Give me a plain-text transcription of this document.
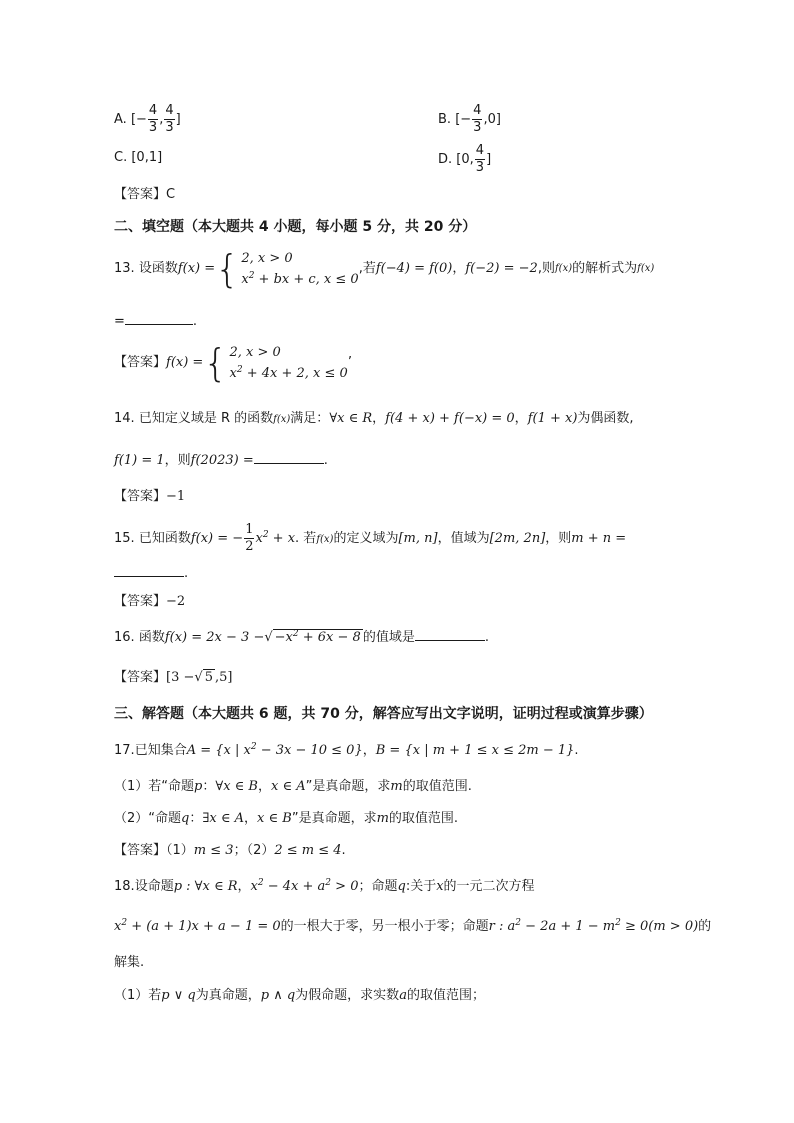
A. [− $\frac{4}{3}$ , $\frac{4}{3}$ ]	B. [− $\frac{4}{3} ,0$]
C. [0,1]	D. [0, $\frac{4}{3}$ ]
【答案】C
二、填空题（本大题共 4 小题，每小题 5 分，共 20 分）
13.
设函数 f(x) = { 2, x > 0
$x^2$ + bx + c, x ≤ 0
,若 f(−4) = f(0) ， f(−2) = −2 ,则 f(x) 的解析式为 f(x)
=	.
【答案】 f(x) = { 2, x > 0
$x^2 + 4x + 2$, x ≤ 0
’
14. 已知定义域是 R 的函数f(x)满足：∀x ∈ R，f(4 + x) + f(−x) = 0，f(1 + x)为偶函数,
f(1) = 1，则f(2023) =	.
【答案】−1
15. 已知函数f(x) = − $\frac{1}{2} x^2 + x$. 若f(x)的定义域为[m, n]，值域为[2m, 2n]，则m + n =
.
【答案】−2
16. 函数f(x) = 2x − 3 −√ $-x^2 + 6x - 8$ 的值域是	.
【答案】[3 −√ 5 ,5]
三、解答题（本大题共 6 题，共 70 分，解答应写出文字说明，证明过程或演算步骤）
17.已知集合A = {x | $x^2 - 3x - 10 \le 0$}，B = {x | m + 1 ≤ x ≤ 2m − 1}.
（1）若“命题p：∀x ∈ B，x ∈ A”是真命题，求m的取值范围.
（2）“命题q：∃x ∈ A，x ∈ B”是真命题，求m的取值范围.
【答案】（1）m ≤ 3；（2）2 ≤ m ≤ 4.
18.设命题p : ∀x ∈ R，$x^2 - 4x + a^2 > 0$；命题q:关于x的一元二次方程
$x^2 + (a + 1)x + a - 1 = 0$的一根大于零，另一根小于零；命题r : $a^2 - 2a + 1 - m^2 \ge 0(m > 0)$的
解集.
（1）若p ∨ q为真命题，p ∧ q为假命题，求实数a的取值范围；
